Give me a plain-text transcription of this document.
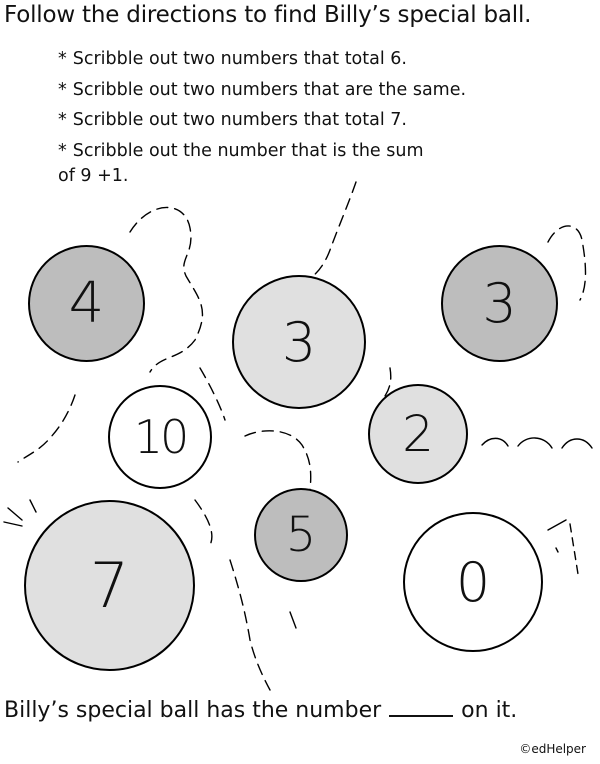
Follow the directions to find Billy’s special ball.
* Scribble out two numbers that total 6.
* Scribble out two numbers that are the same.
* Scribble out two numbers that total 7.
* Scribble out the number that is the sum
of 9 +1.
4
3
3
10	2
5
7	0
Billy’s special ball has the number	on it.
©edHelper
